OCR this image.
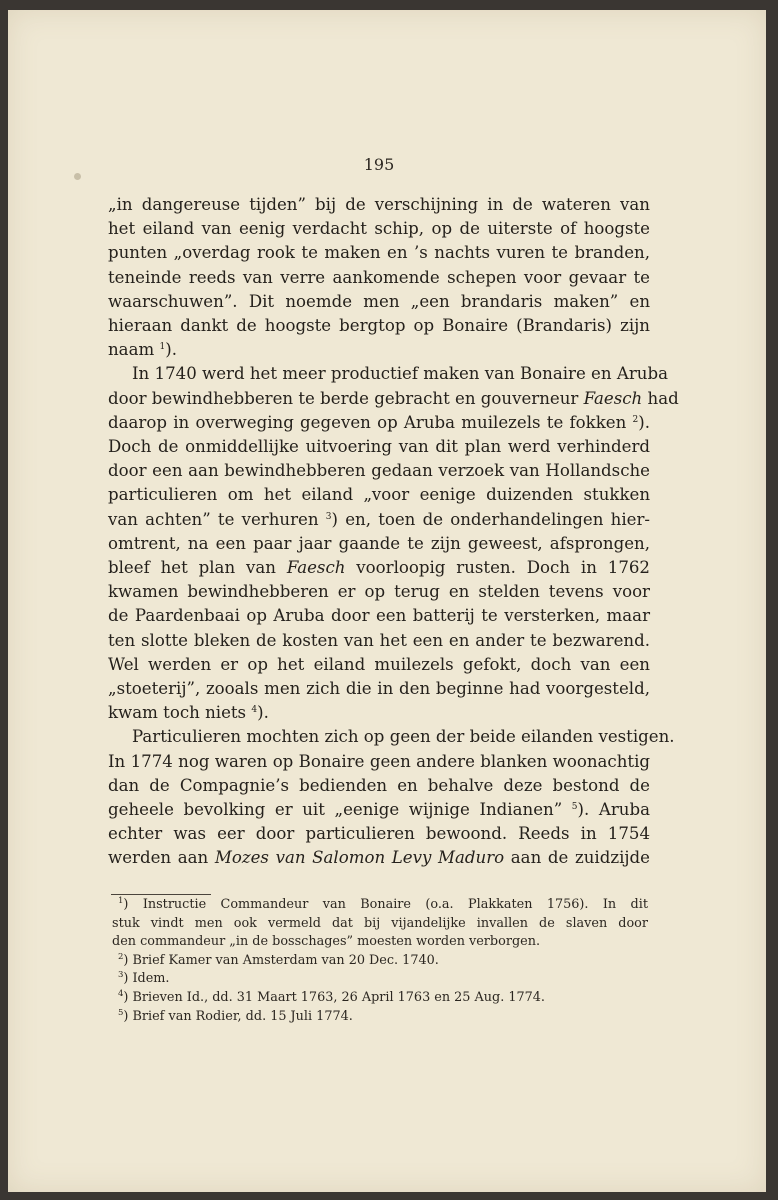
195
„in dangereuse tijden” bij de verschijning in de wateren van
het eiland van eenig verdacht schip, op de uiterste of hoogste
punten „overdag rook te maken en ’s nachts vuren te branden,
teneinde reeds van verre aankomende schepen voor gevaar te
waarschuwen”. Dit noemde men „een brandaris maken” en
hieraan dankt de hoogste bergtop op Bonaire (Brandaris) zijn
naam $^1$).
In 1740 werd het meer productief maken van Bonaire en Aruba
door bewindhebberen te berde gebracht en gouverneur Faesch had
daarop in overweging gegeven op Aruba muilezels te fokken $^2$).
Doch de onmiddellijke uitvoering van dit plan werd verhinderd
door een aan bewindhebberen gedaan verzoek van Hollandsche
particulieren om het eiland „voor eenige duizenden stukken
van achten” te verhuren $^3$) en, toen de onderhandelingen hier-
omtrent, na een paar jaar gaande te zijn geweest, afsprongen,
bleef het plan van Faesch voorloopig rusten. Doch in 1762
kwamen bewindhebberen er op terug en stelden tevens voor
de Paardenbaai op Aruba door een batterij te versterken, maar
ten slotte bleken de kosten van het een en ander te bezwarend.
Wel werden er op het eiland muilezels gefokt, doch van een
„stoeterij”, zooals men zich die in den beginne had voorgesteld,
kwam toch niets $^4$).
Particulieren mochten zich op geen der beide eilanden vestigen.
In 1774 nog waren op Bonaire geen andere blanken woonachtig
dan de Compagnie’s bedienden en behalve deze bestond de
geheele bevolking er uit „eenige wijnige Indianen” $^5$). Aruba
echter was eer door particulieren bewoond. Reeds in 1754
werden aan Mozes van Salomon Levy Maduro aan de zuidzijde
$^1$) Instructie Commandeur van Bonaire (o.a. Plakkaten 1756). In dit
stuk vindt men ook vermeld dat bij vijandelijke invallen de slaven door
den commandeur „in de bosschages” moesten worden verborgen.
$^2$) Brief Kamer van Amsterdam van 20 Dec. 1740.
$^3$) Idem.
$^4$) Brieven Id., dd. 31 Maart 1763, 26 April 1763 en 25 Aug. 1774.
$^5$) Brief van Rodier, dd. 15 Juli 1774.
